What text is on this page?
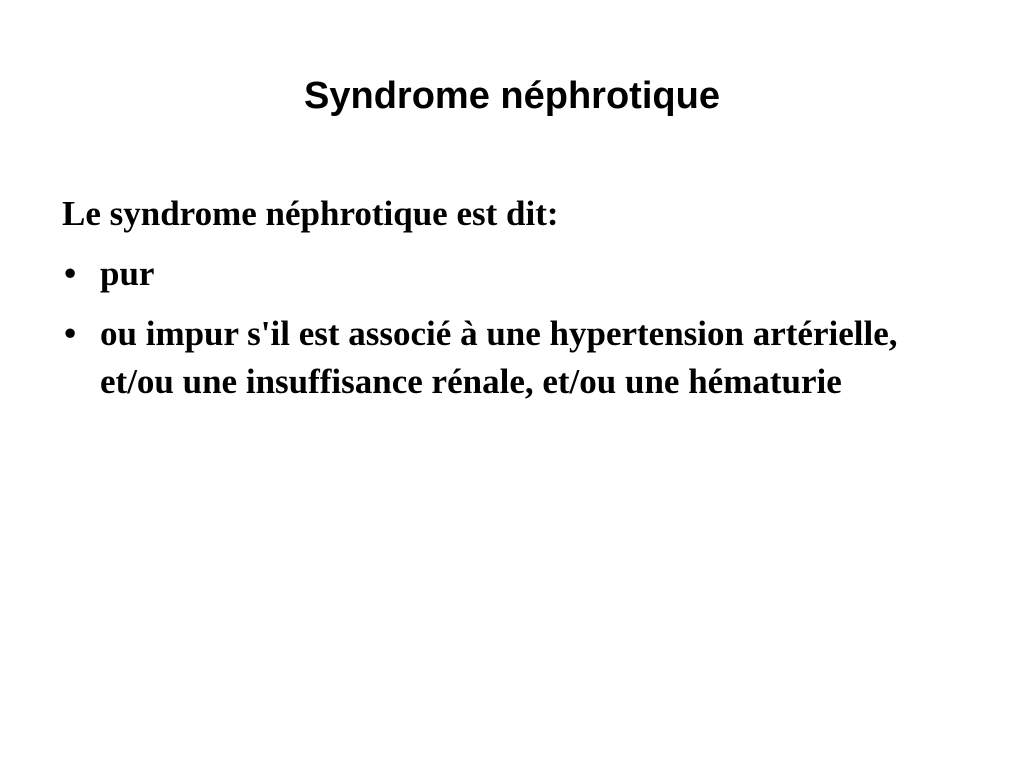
Syndrome néphrotique

Le syndrome néphrotique est dit:

• pur
• ou impur s'il est associé à une hypertension artérielle, et/ou une insuffisance rénale, et/ou une hématurie
